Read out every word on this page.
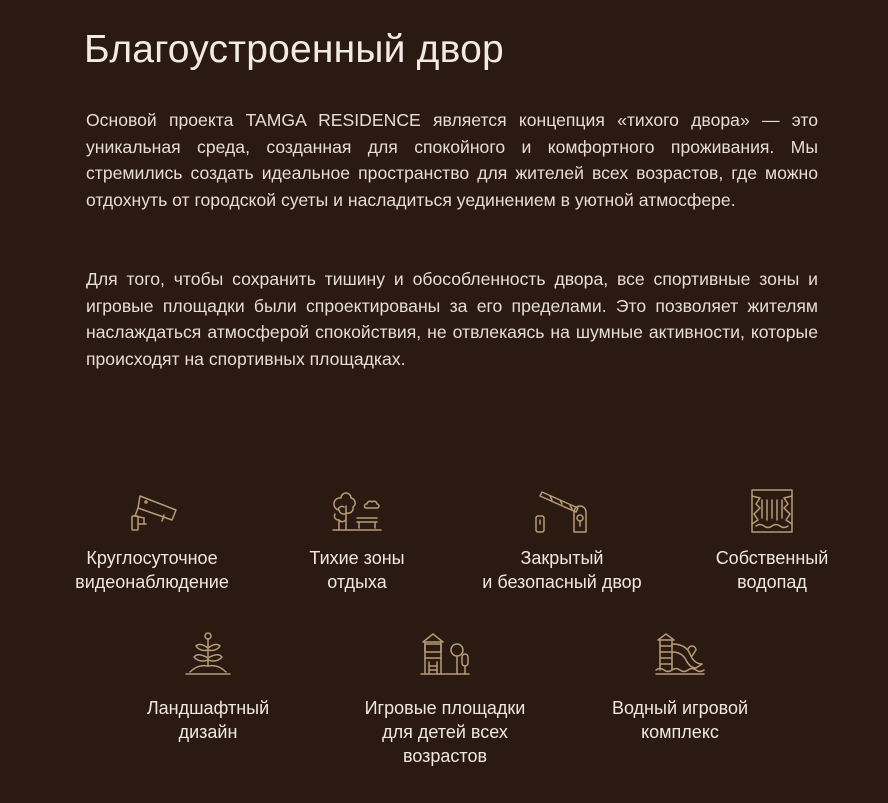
Благоустроенный двор

Основой проекта TAMGA RESIDENCE является концепция «тихого двора» — это уникальная среда, созданная для спокойного и комфортного проживания. Мы стремились создать идеальное пространство для жителей всех возрастов, где можно отдохнуть от городской суеты и насладиться уединением в уютной атмосфере.

Для того, чтобы сохранить тишину и обособленность двора, все спортивные зоны и игровые площадки были спроектированы за его пределами. Это позволяет жителям наслаждаться атмосферой спокойствия, не отвлекаясь на шумные активности, которые происходят на спортивных площадках.

Круглосуточное
видеонаблюдение
Тихие зоны
отдыха
Закрытый
и безопасный двор
Собственный
водопад
Ландшафтный
дизайн
Игровые площадки
для детей всех
возрастов
Водный игровой
комплекс
